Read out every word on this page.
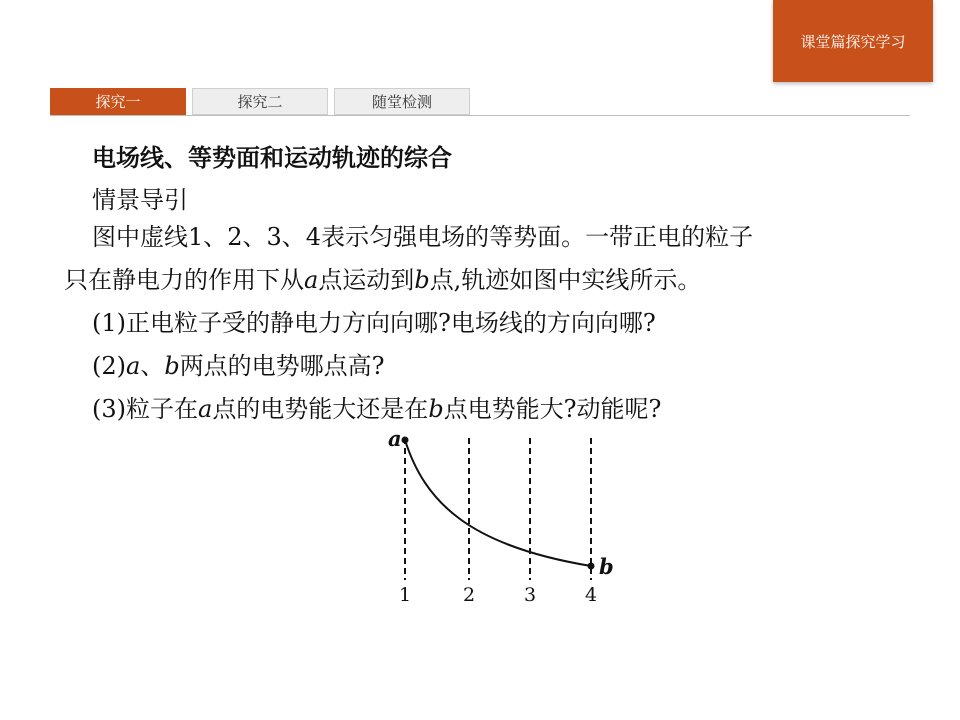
课堂篇探究学习
探究一	探究二	随堂检测
电场线、等势面和运动轨迹的综合
情景导引
图中虚线1、2、3、4表示匀强电场的等势面。一带正电的粒子
只在静电力的作用下从a点运动到b点,轨迹如图中实线所示。
(1)正电粒子受的静电力方向向哪?电场线的方向向哪?
(2)a、b两点的电势哪点高?
(3)粒子在a点的电势能大还是在b点电势能大?动能呢?
a
b
1	2	3	4
